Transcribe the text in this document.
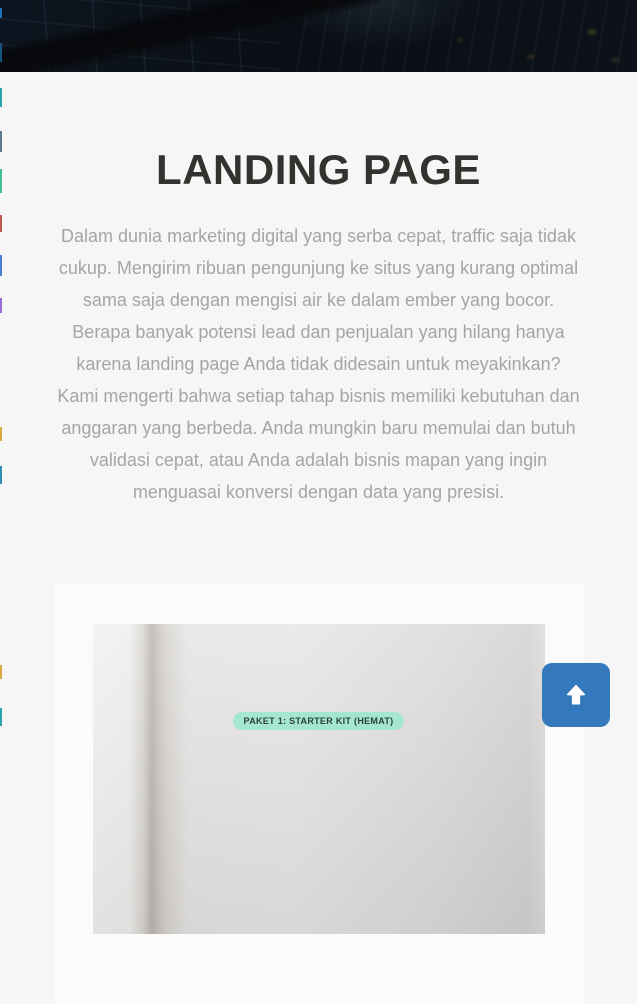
LANDING PAGE

Dalam dunia marketing digital yang serba cepat, traffic saja tidak cukup. Mengirim ribuan pengunjung ke situs yang kurang optimal sama saja dengan mengisi air ke dalam ember yang bocor. Berapa banyak potensi lead dan penjualan yang hilang hanya karena landing page Anda tidak didesain untuk meyakinkan? Kami mengerti bahwa setiap tahap bisnis memiliki kebutuhan dan anggaran yang berbeda. Anda mungkin baru memulai dan butuh validasi cepat, atau Anda adalah bisnis mapan yang ingin menguasai konversi dengan data yang presisi.

PAKET 1: STARTER KIT (HEMAT)
